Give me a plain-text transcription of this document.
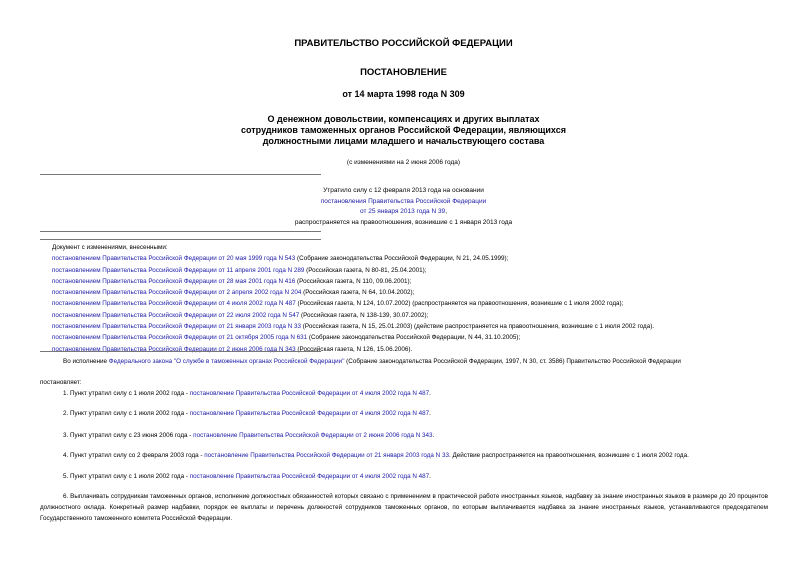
ПРАВИТЕЛЬСТВО РОССИЙСКОЙ ФЕДЕРАЦИИ
ПОСТАНОВЛЕНИЕ
от 14 марта 1998 года N 309
О денежном довольствии, компенсациях и других выплатах
сотрудников таможенных органов Российской Федерации, являющихся
должностными лицами младшего и начальствующего состава
(с изменениями на 2 июня 2006 года)
Утратило силу с 12 февраля 2013 года на основании
постановления Правительства Российской Федерации
от 25 января 2013 года N 39,
распространяется на правоотношения, возникшие с 1 января 2013 года
Документ с изменениями, внесенными:
постановлением Правительства Российской Федерации от 20 мая 1999 года N 543 (Собрание законодательства Российской Федерации, N 21, 24.05.1999);
постановлением Правительства Российской Федерации от 11 апреля 2001 года N 289 (Российская газета, N 80-81, 25.04.2001);
постановлением Правительства Российской Федерации от 28 мая 2001 года N 416 (Российская газета, N 110, 09.06.2001);
постановлением Правительства Российской Федерации от 2 апреля 2002 года N 204 (Российская газета, N 64, 10.04.2002);
постановлением Правительства Российской Федерации от 4 июля 2002 года N 487 (Российская газета, N 124, 10.07.2002) (распространяется на правоотношения, возникшие с 1 июля 2002 года);
постановлением Правительства Российской Федерации от 22 июля 2002 года N 547 (Российская газета, N 138-139, 30.07.2002);
постановлением Правительства Российской Федерации от 21 января 2003 года N 33 (Российская газета, N 15, 25.01.2003) (действие распространяется на правоотношения, возникшие с 1 июля 2002 года).
постановлением Правительства Российской Федерации от 21 октября 2005 года N 631 (Собрание законодательства Российской Федерации, N 44, 31.10.2005);
постановлением Правительства Российской Федерации от 2 июня 2006 года N 343 (Российская газета, N 126, 15.06.2006).
Во исполнение Федерального закона "О службе в таможенных органах Российской Федерации" (Собрание законодательства Российской Федерации, 1997, N 30, ст. 3586) Правительство Российской Федерации
постановляет:
1. Пункт утратил силу с 1 июля 2002 года - постановление Правительства Российской Федерации от 4 июля 2002 года N 487.
2. Пункт утратил силу с 1 июля 2002 года - постановление Правительства Российской Федерации от 4 июля 2002 года N 487.
3. Пункт утратил силу с 23 июня 2006 года - постановление Правительства Российской Федерации от 2 июня 2006 года N 343.
4. Пункт утратил силу со 2 февраля 2003 года - постановление Правительства Российской Федерации от 21 января 2003 года N 33. Действие распространяется на правоотношения, возникшие с 1 июля 2002 года.
5. Пункт утратил силу с 1 июля 2002 года - постановление Правительства Российской Федерации от 4 июля 2002 года N 487.
6. Выплачивать сотрудникам таможенных органов, исполнение должностных обязанностей которых связано с применением в практической работе иностранных языков, надбавку за знание иностранных языков в размере до 20 процентов должностного оклада. Конкретный размер надбавки, порядок ее выплаты и перечень должностей сотрудников таможенных органов, по которым выплачивается надбавка за знание иностранных языков, устанавливаются председателем Государственного таможенного комитета Российской Федерации.
